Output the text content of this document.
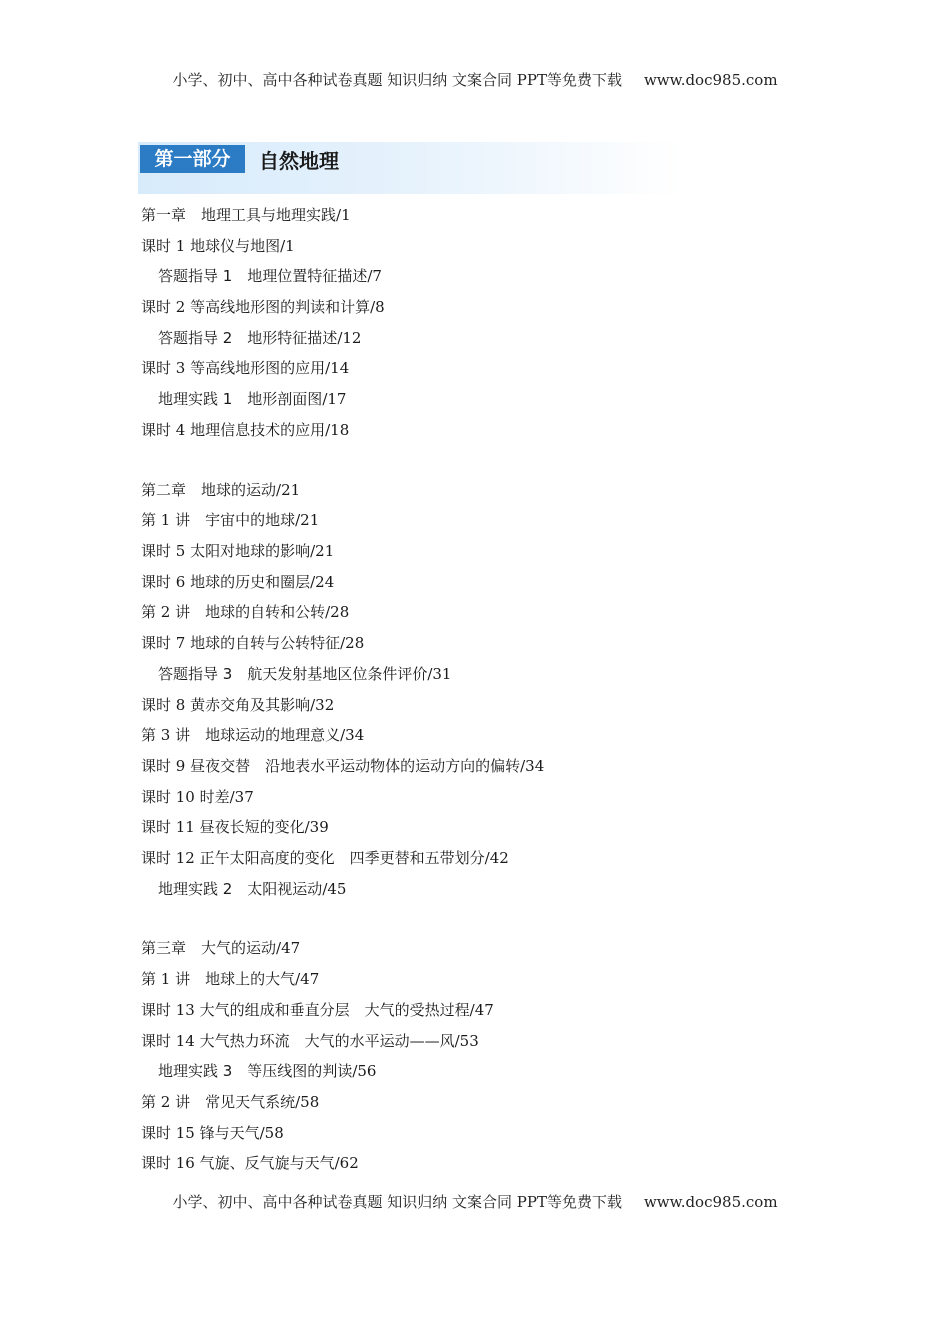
小学、初中、高中各种试卷真题 知识归纳 文案合同 PPT等免费下载 www.doc985.com
第一部分	自然地理
第一章　地理工具与地理实践/1
课时 1 地球仪与地图/1
答题指导 1　地理位置特征描述/7
课时 2 等高线地形图的判读和计算/8
答题指导 2　地形特征描述/12
课时 3 等高线地形图的应用/14
地理实践 1　地形剖面图/17
课时 4 地理信息技术的应用/18
第二章　地球的运动/21
第 1 讲　宇宙中的地球/21
课时 5 太阳对地球的影响/21
课时 6 地球的历史和圈层/24
第 2 讲　地球的自转和公转/28
课时 7 地球的自转与公转特征/28
答题指导 3　航天发射基地区位条件评价/31
课时 8 黄赤交角及其影响/32
第 3 讲　地球运动的地理意义/34
课时 9 昼夜交替　沿地表水平运动物体的运动方向的偏转/34
课时 10 时差/37
课时 11 昼夜长短的变化/39
课时 12 正午太阳高度的变化　四季更替和五带划分/42
地理实践 2　太阳视运动/45
第三章　大气的运动/47
第 1 讲　地球上的大气/47
课时 13 大气的组成和垂直分层　大气的受热过程/47
课时 14 大气热力环流　大气的水平运动——风/53
地理实践 3　等压线图的判读/56
第 2 讲　常见天气系统/58
课时 15 锋与天气/58
课时 16 气旋、反气旋与天气/62
小学、初中、高中各种试卷真题 知识归纳 文案合同 PPT等免费下载 www.doc985.com
